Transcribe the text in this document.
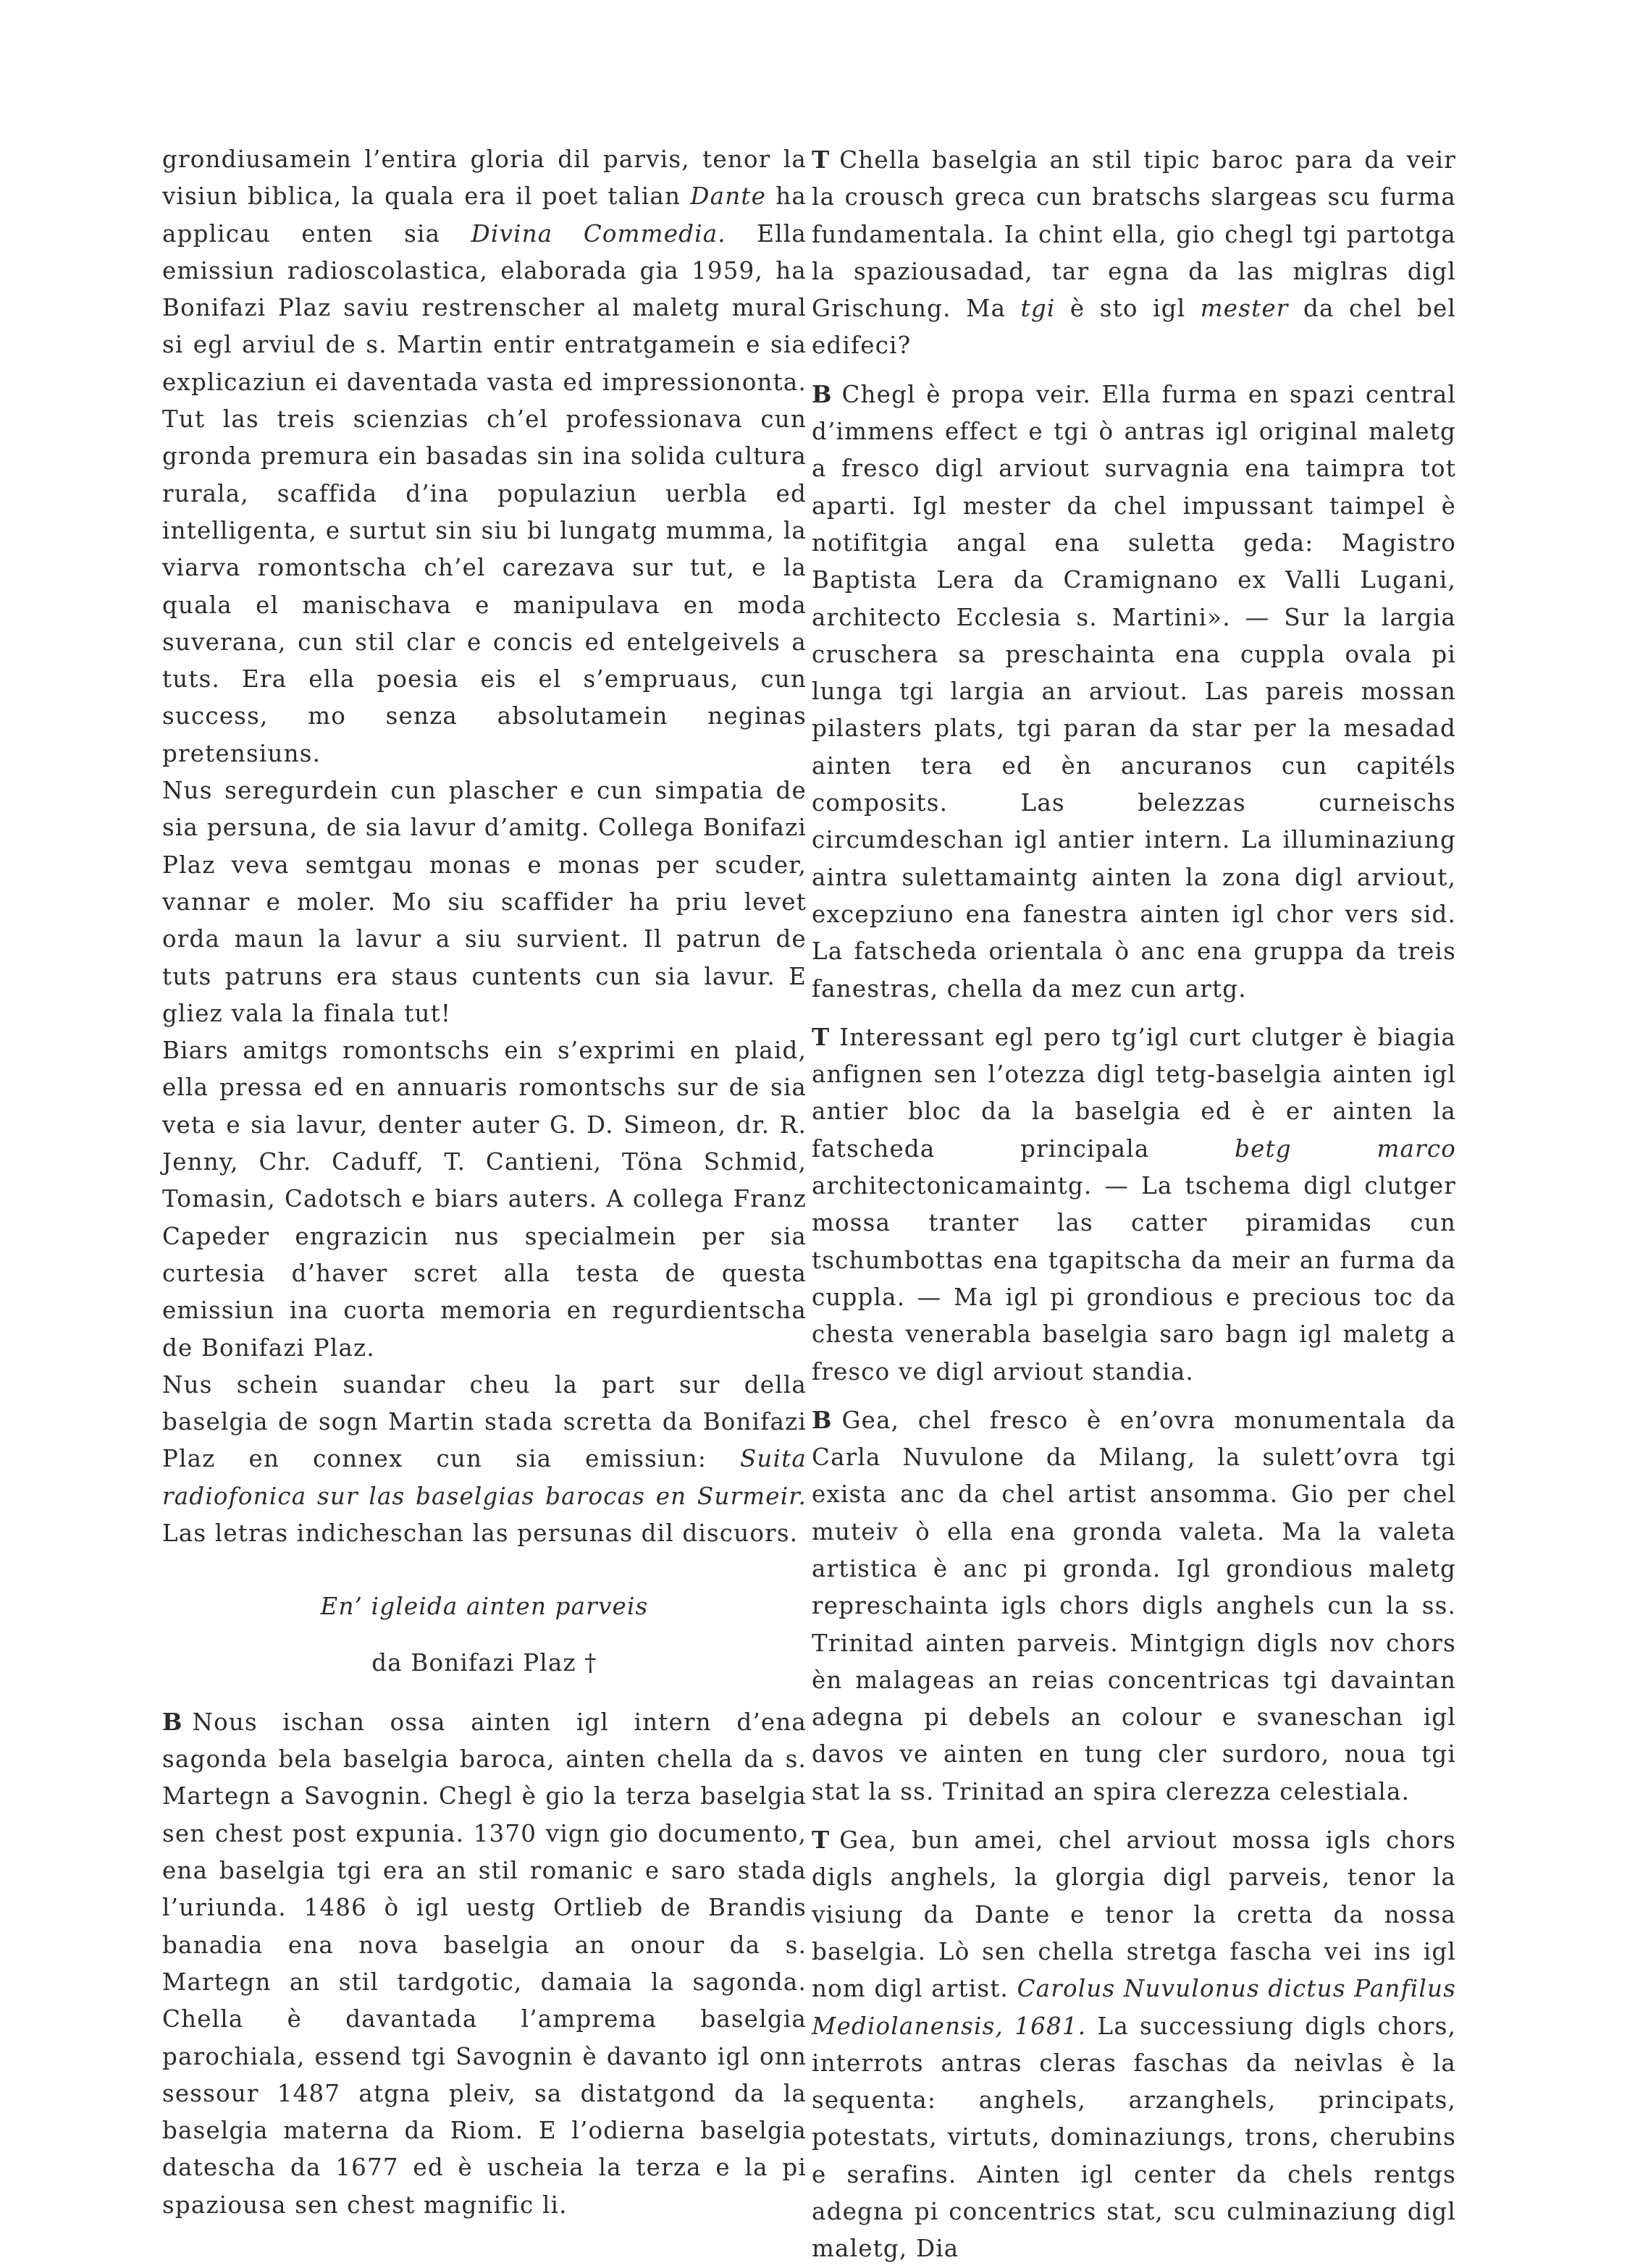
grondiusamein l’entira gloria dil parvis, tenor la visiun biblica, la quala era il poet talian Dante ha applicau enten sia Divina Commedia. Ella emissiun radioscolastica, elaborada gia 1959, ha Bonifazi Plaz saviu restrenscher al maletg mural si egl arviul de s. Martin entir entratgamein e sia explicaziun ei daventada vasta ed impressiononta. Tut las treis scienzias ch’el professionava cun gronda premura ein basadas sin ina solida cultura rurala, scaffida d’ina populaziun uerbla ed intelligenta, e surtut sin siu bi lungatg mumma, la viarva romontscha ch’el carezava sur tut, e la quala el manischava e manipulava en moda suverana, cun stil clar e concis ed entelgeivels a tuts. Era ella poesia eis el s’empruaus, cun success, mo senza absolutamein neginas pretensiuns.

Nus seregurdein cun plascher e cun simpatia de sia persuna, de sia lavur d’amitg. Collega Bonifazi Plaz veva semtgau monas e monas per scuder, vannar e moler. Mo siu scaffider ha priu levet orda maun la lavur a siu survient. Il patrun de tuts patruns era staus cuntents cun sia lavur. E gliez vala la finala tut!

Biars amitgs romontschs ein s’exprimi en plaid, ella pressa ed en annuaris romontschs sur de sia veta e sia lavur, denter auter G. D. Simeon, dr. R. Jenny, Chr. Caduff, T. Cantieni, Töna Schmid, Tomasin, Cadotsch e biars auters. A collega Franz Capeder engrazicin nus specialmein per sia curtesia d’haver scret alla testa de questa emissiun ina cuorta memoria en regurdientscha de Bonifazi Plaz.

Nus schein suandar cheu la part sur della baselgia de sogn Martin stada scretta da Bonifazi Plaz en connex cun sia emissiun: Suita radiofonica sur las baselgias barocas en Surmeir. Las letras indicheschan las persunas dil discuors.

En’ igleida ainten parveis

da Bonifazi Plaz †

B Nous ischan ossa ainten igl intern d’ena sagonda bela baselgia baroca, ainten chella da s. Martegn a Savognin. Chegl è gio la terza baselgia sen chest post expunia. 1370 vign gio documento, ena baselgia tgi era an stil romanic e saro stada l’uriunda. 1486 ò igl uestg Ortlieb de Brandis banadia ena nova baselgia an onour da s. Martegn an stil tardgotic, damaia la sagonda. Chella è davantada l’amprema baselgia parochiala, essend tgi Savognin è davanto igl onn sessour 1487 atgna pleiv, sa distatgond da la baselgia materna da Riom. E l’odierna baselgia datescha da 1677 ed è uscheia la terza e la pi spaziousa sen chest magnific li.

T Chella baselgia an stil tipic baroc para da veir la crousch greca cun bratschs slargeas scu furma fundamentala. Ia chint ella, gio chegl tgi partotga la spaziousadad, tar egna da las miglras digl Grischung. Ma tgi è sto igl mester da chel bel edifeci?

B Chegl è propa veir. Ella furma en spazi central d’immens effect e tgi ò antras igl original maletg a fresco digl arviout survagnia ena taimpra tot aparti. Igl mester da chel impussant taimpel è notifitgia angal ena suletta geda: Magistro Baptista Lera da Cramignano ex Valli Lugani, architecto Ecclesia s. Martini». — Sur la largia cruschera sa preschainta ena cuppla ovala pi lunga tgi largia an arviout. Las pareis mossan pilasters plats, tgi paran da star per la mesadad ainten tera ed èn ancuranos cun capitéls composits. Las belezzas curneischs circumdeschan igl antier intern. La illuminaziung aintra sulettamaintg ainten la zona digl arviout, excepziuno ena fanestra ainten igl chor vers sid. La fatscheda orientala ò anc ena gruppa da treis fanestras, chella da mez cun artg.

T Interessant egl pero tg’igl curt clutger è biagia anfignen sen l’otezza digl tetg-baselgia ainten igl antier bloc da la baselgia ed è er ainten la fatscheda principala betg marco architectonicamaintg. — La tschema digl clutger mossa tranter las catter piramidas cun tschumbottas ena tgapitscha da meir an furma da cuppla. — Ma igl pi grondious e precious toc da chesta venerabla baselgia saro bagn igl maletg a fresco ve digl arviout standia.

B Gea, chel fresco è en’ovra monumentala da Carla Nuvulone da Milang, la sulett’ovra tgi exista anc da chel artist ansomma. Gio per chel muteiv ò ella ena gronda valeta. Ma la valeta artistica è anc pi gronda. Igl grondious maletg represchainta igls chors digls anghels cun la ss. Trinitad ainten parveis. Mintgign digls nov chors èn malageas an reias concentricas tgi davaintan adegna pi debels an colour e svaneschan igl davos ve ainten en tung cler surdoro, noua tgi stat la ss. Trinitad an spira clerezza celestiala.

T Gea, bun amei, chel arviout mossa igls chors digls anghels, la glorgia digl parveis, tenor la visiung da Dante e tenor la cretta da nossa baselgia. Lò sen chella stretga fascha vei ins igl nom digl artist. Carolus Nuvulonus dictus Panfilus Mediolanensis, 1681. La successiung digls chors, interrots antras cleras faschas da neivlas è la sequenta: anghels, arzanghels, principats, potestats, virtuts, dominaziungs, trons, cherubins e serafins. Ainten igl center da chels rentgs adegna pi concentrics stat, scu culminaziung digl maletg, Dia
